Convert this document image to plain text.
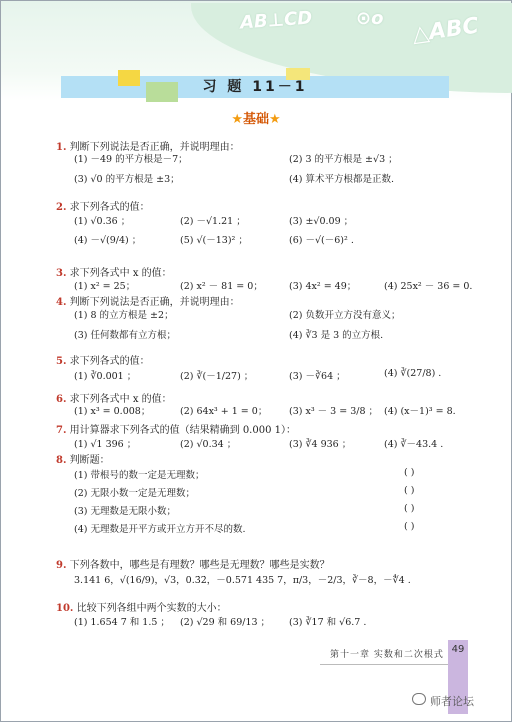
AB⊥CD ⊙o △ABC
习 题 11－1
★基础★
1. 判断下列说法是否正确，并说明理由：
(1) －49 的平方根是－7；	(2) 3 的平方根是 ±√3 ；
(3) √0 的平方根是 ±3；	(4) 算术平方根都是正数.
2. 求下列各式的值：
(1) √0.36 ；	(2) －√1.21 ；	(3) ±√0.09 ；
(4) －√(9/4) ；	(5) √(－13)² ；	(6) －√(－6)² .
3. 求下列各式中 x 的值：
(1) x² = 25；	(2) x² － 81 = 0；	(3) 4x² = 49；	(4) 25x² － 36 = 0.
4. 判断下列说法是否正确，并说明理由：
(1) 8 的立方根是 ±2；	(2) 负数开立方没有意义；
(3) 任何数都有立方根；	(4) ∛3 是 3 的立方根.
5. 求下列各式的值：
(1) ∛0.001 ；	(2) ∛(－1/27) ；	(3) －∛64 ；	(4) ∛(27/8) .
6. 求下列各式中 x 的值：
(1) x³ = 0.008；	(2) 64x³ + 1 = 0； (3) x³ － 3 = 3/8 ； (4) (x－1)³ = 8.
7. 用计算器求下列各式的值（结果精确到 0.000 1）：
(1) √1 396 ；	(2) √0.34 ；	(3) ∛4 936 ；	(4) ∛－43.4 .
8. 判断题：
(1) 带根号的数一定是无理数；	( )
(2) 无限小数一定是无理数；	( )
(3) 无理数是无限小数；	( )
(4) 无理数是开平方或开立方开不尽的数.	( )
9. 下列各数中，哪些是有理数？哪些是无理数？哪些是实数？
3.141 6，√(16/9)，√3，0.3̇2̇，－0.571 435 7，π/3，－2/3，∛－8，－∜4 .
10. 比较下列各组中两个实数的大小：
(1) 1.654 7 和 1.5̇ ； (2) √29 和 69/13 ； (3) ∛17 和 √6.7 .
第十一章 实数和二次根式 49
师者论坛
